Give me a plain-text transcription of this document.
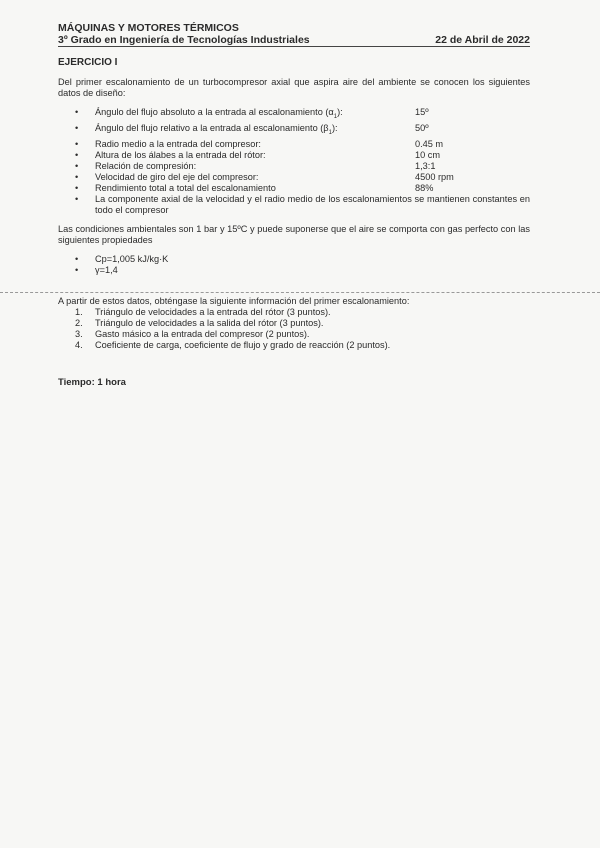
MÁQUINAS Y MOTORES TÉRMICOS
3º Grado en Ingeniería de Tecnologías Industriales	22 de Abril de 2022
EJERCICIO I
Del primer escalonamiento de un turbocompresor axial que aspira aire del ambiente se conocen los siguientes datos de diseño:
•	Ángulo del flujo absoluto a la entrada al escalonamiento $(\alpha_1)$:	15º
•	Ángulo del flujo relativo a la entrada al escalonamiento $(\beta_1)$:	50º
•	Radio medio a la entrada del compresor:	0.45 m
•	Altura de los álabes a la entrada del rótor:	10 cm
•	Relación de compresión:	1,3:1
•	Velocidad de giro del eje del compresor:	4500 rpm
•	Rendimiento total a total del escalonamiento	88%
•	La componente axial de la velocidad y el radio medio de los escalonamientos se mantienen constantes en todo el compresor
Las condiciones ambientales son 1 bar y 15ºC y puede suponerse que el aire se comporta con gas perfecto con las siguientes propiedades
•	Cp=1,005 kJ/kg·K
•	γ=1,4
A partir de estos datos, obténgase la siguiente información del primer escalonamiento:
1.	Triángulo de velocidades a la entrada del rótor (3 puntos).
2.	Triángulo de velocidades a la salida del rótor (3 puntos).
3.	Gasto másico a la entrada del compresor (2 puntos).
4.	Coeficiente de carga, coeficiente de flujo y grado de reacción (2 puntos).
Tiempo: 1 hora
